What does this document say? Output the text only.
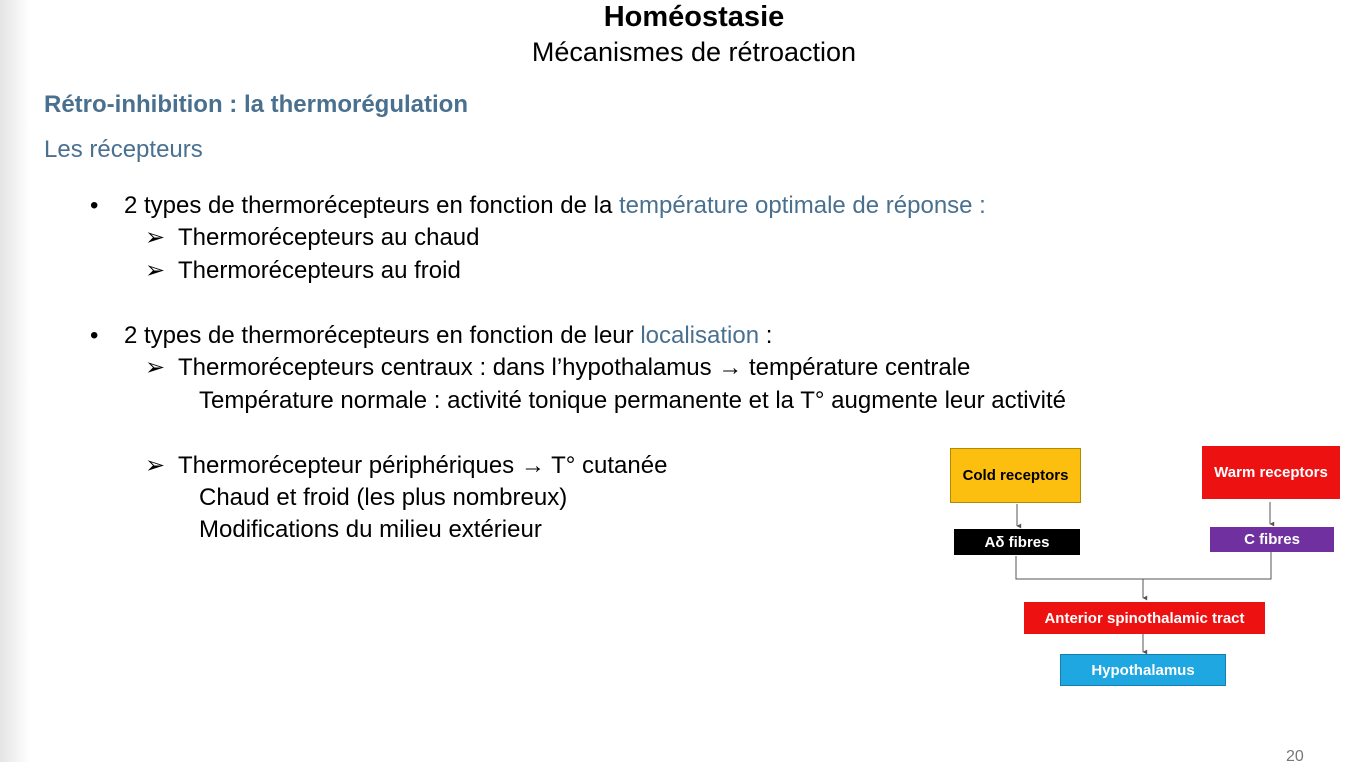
Homéostasie
Mécanismes de rétroaction
Rétro-inhibition : la thermorégulation
Les récepteurs
• 2 types de thermorécepteurs en fonction de la température optimale de réponse :
➢ Thermorécepteurs au chaud
➢ Thermorécepteurs au froid
• 2 types de thermorécepteurs en fonction de leur localisation :
➢ Thermorécepteurs centraux : dans l’hypothalamus → température centrale
Température normale : activité tonique permanente et la T° augmente leur activité
➢ Thermorécepteur périphériques → T° cutanée
Chaud et froid (les plus nombreux)
Modifications du milieu extérieur
Cold receptors	Warm receptors
Aδ fibres	C fibres
Anterior spinothalamic tract
Hypothalamus
20
